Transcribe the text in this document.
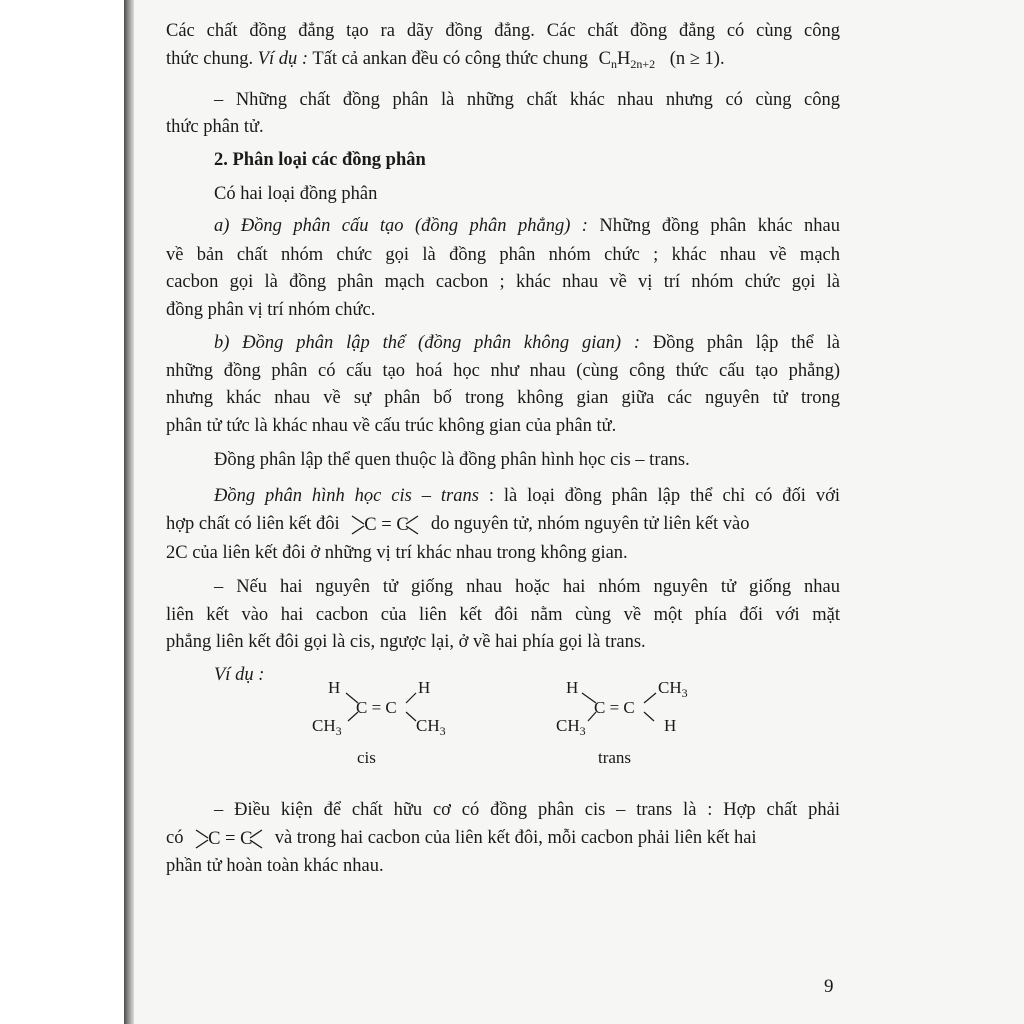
Các chất đồng đẳng tạo ra dãy đồng đẳng. Các chất đồng đẳng có cùng công
thức chung. Ví dụ : Tất cả ankan đều có công thức chung $C_nH_{2n+2}$ (n ≥ 1).
– Những chất đồng phân là những chất khác nhau nhưng có cùng công
thức phân tử.
2. Phân loại các đồng phân
Có hai loại đồng phân
a) Đồng phân cấu tạo (đồng phân phẳng) : Những đồng phân khác nhau
về bản chất nhóm chức gọi là đồng phân nhóm chức ; khác nhau về mạch
cacbon gọi là đồng phân mạch cacbon ; khác nhau về vị trí nhóm chức gọi là
đồng phân vị trí nhóm chức.
b) Đồng phân lập thể (đồng phân không gian) : Đồng phân lập thể là
những đồng phân có cấu tạo hoá học như nhau (cùng công thức cấu tạo phẳng)
nhưng khác nhau về sự phân bố trong không gian giữa các nguyên tử trong
phân tử tức là khác nhau về cấu trúc không gian của phân tử.
Đồng phân lập thể quen thuộc là đồng phân hình học cis – trans.
Đồng phân hình học cis – trans : là loại đồng phân lập thể chỉ có đối với
hợp chất có liên kết đôi C = C do nguyên tử, nhóm nguyên tử liên kết vào
2C của liên kết đôi ở những vị trí khác nhau trong không gian.
– Nếu hai nguyên tử giống nhau hoặc hai nhóm nguyên tử giống nhau
liên kết vào hai cacbon của liên kết đôi nằm cùng về một phía đối với mặt
phẳng liên kết đôi gọi là cis, ngược lại, ở về hai phía gọi là trans.
Ví dụ :
H	H
C = C
$CH_3$	$CH_3$
cis
H	$CH_3$
C = C
$CH_3$	H
trans
– Điều kiện để chất hữu cơ có đồng phân cis – trans là : Hợp chất phải
có C = C và trong hai cacbon của liên kết đôi, mỗi cacbon phải liên kết hai
phần tử hoàn toàn khác nhau.
9
